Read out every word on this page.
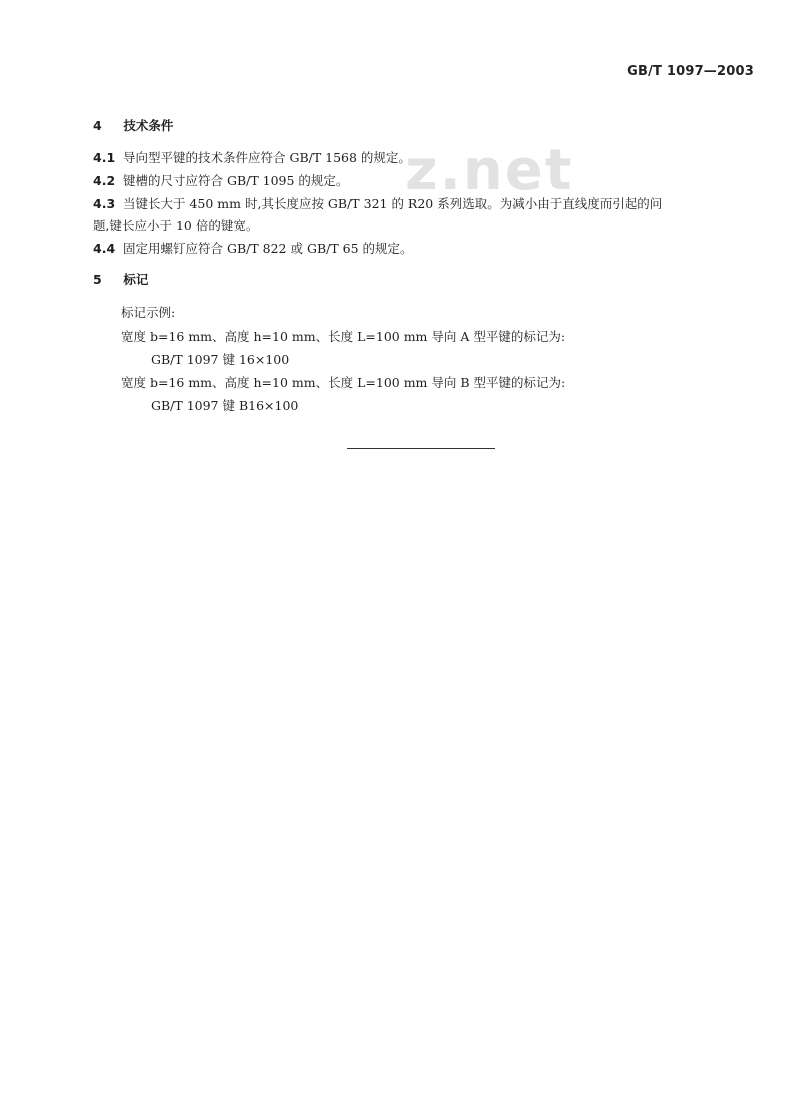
GB/T 1097—2003
z.net
4 技术条件
4.1 导向型平键的技术条件应符合 GB/T 1568 的规定。
4.2 键槽的尺寸应符合 GB/T 1095 的规定。
4.3 当键长大于 450 mm 时,其长度应按 GB/T 321 的 R20 系列选取。为减小由于直线度而引起的问
题,键长应小于 10 倍的键宽。
4.4 固定用螺钉应符合 GB/T 822 或 GB/T 65 的规定。
5 标记
标记示例:
宽度 b=16 mm、高度 h=10 mm、长度 L=100 mm 导向 A 型平键的标记为:
GB/T 1097 键 16×100
宽度 b=16 mm、高度 h=10 mm、长度 L=100 mm 导向 B 型平键的标记为:
GB/T 1097 键 B16×100
